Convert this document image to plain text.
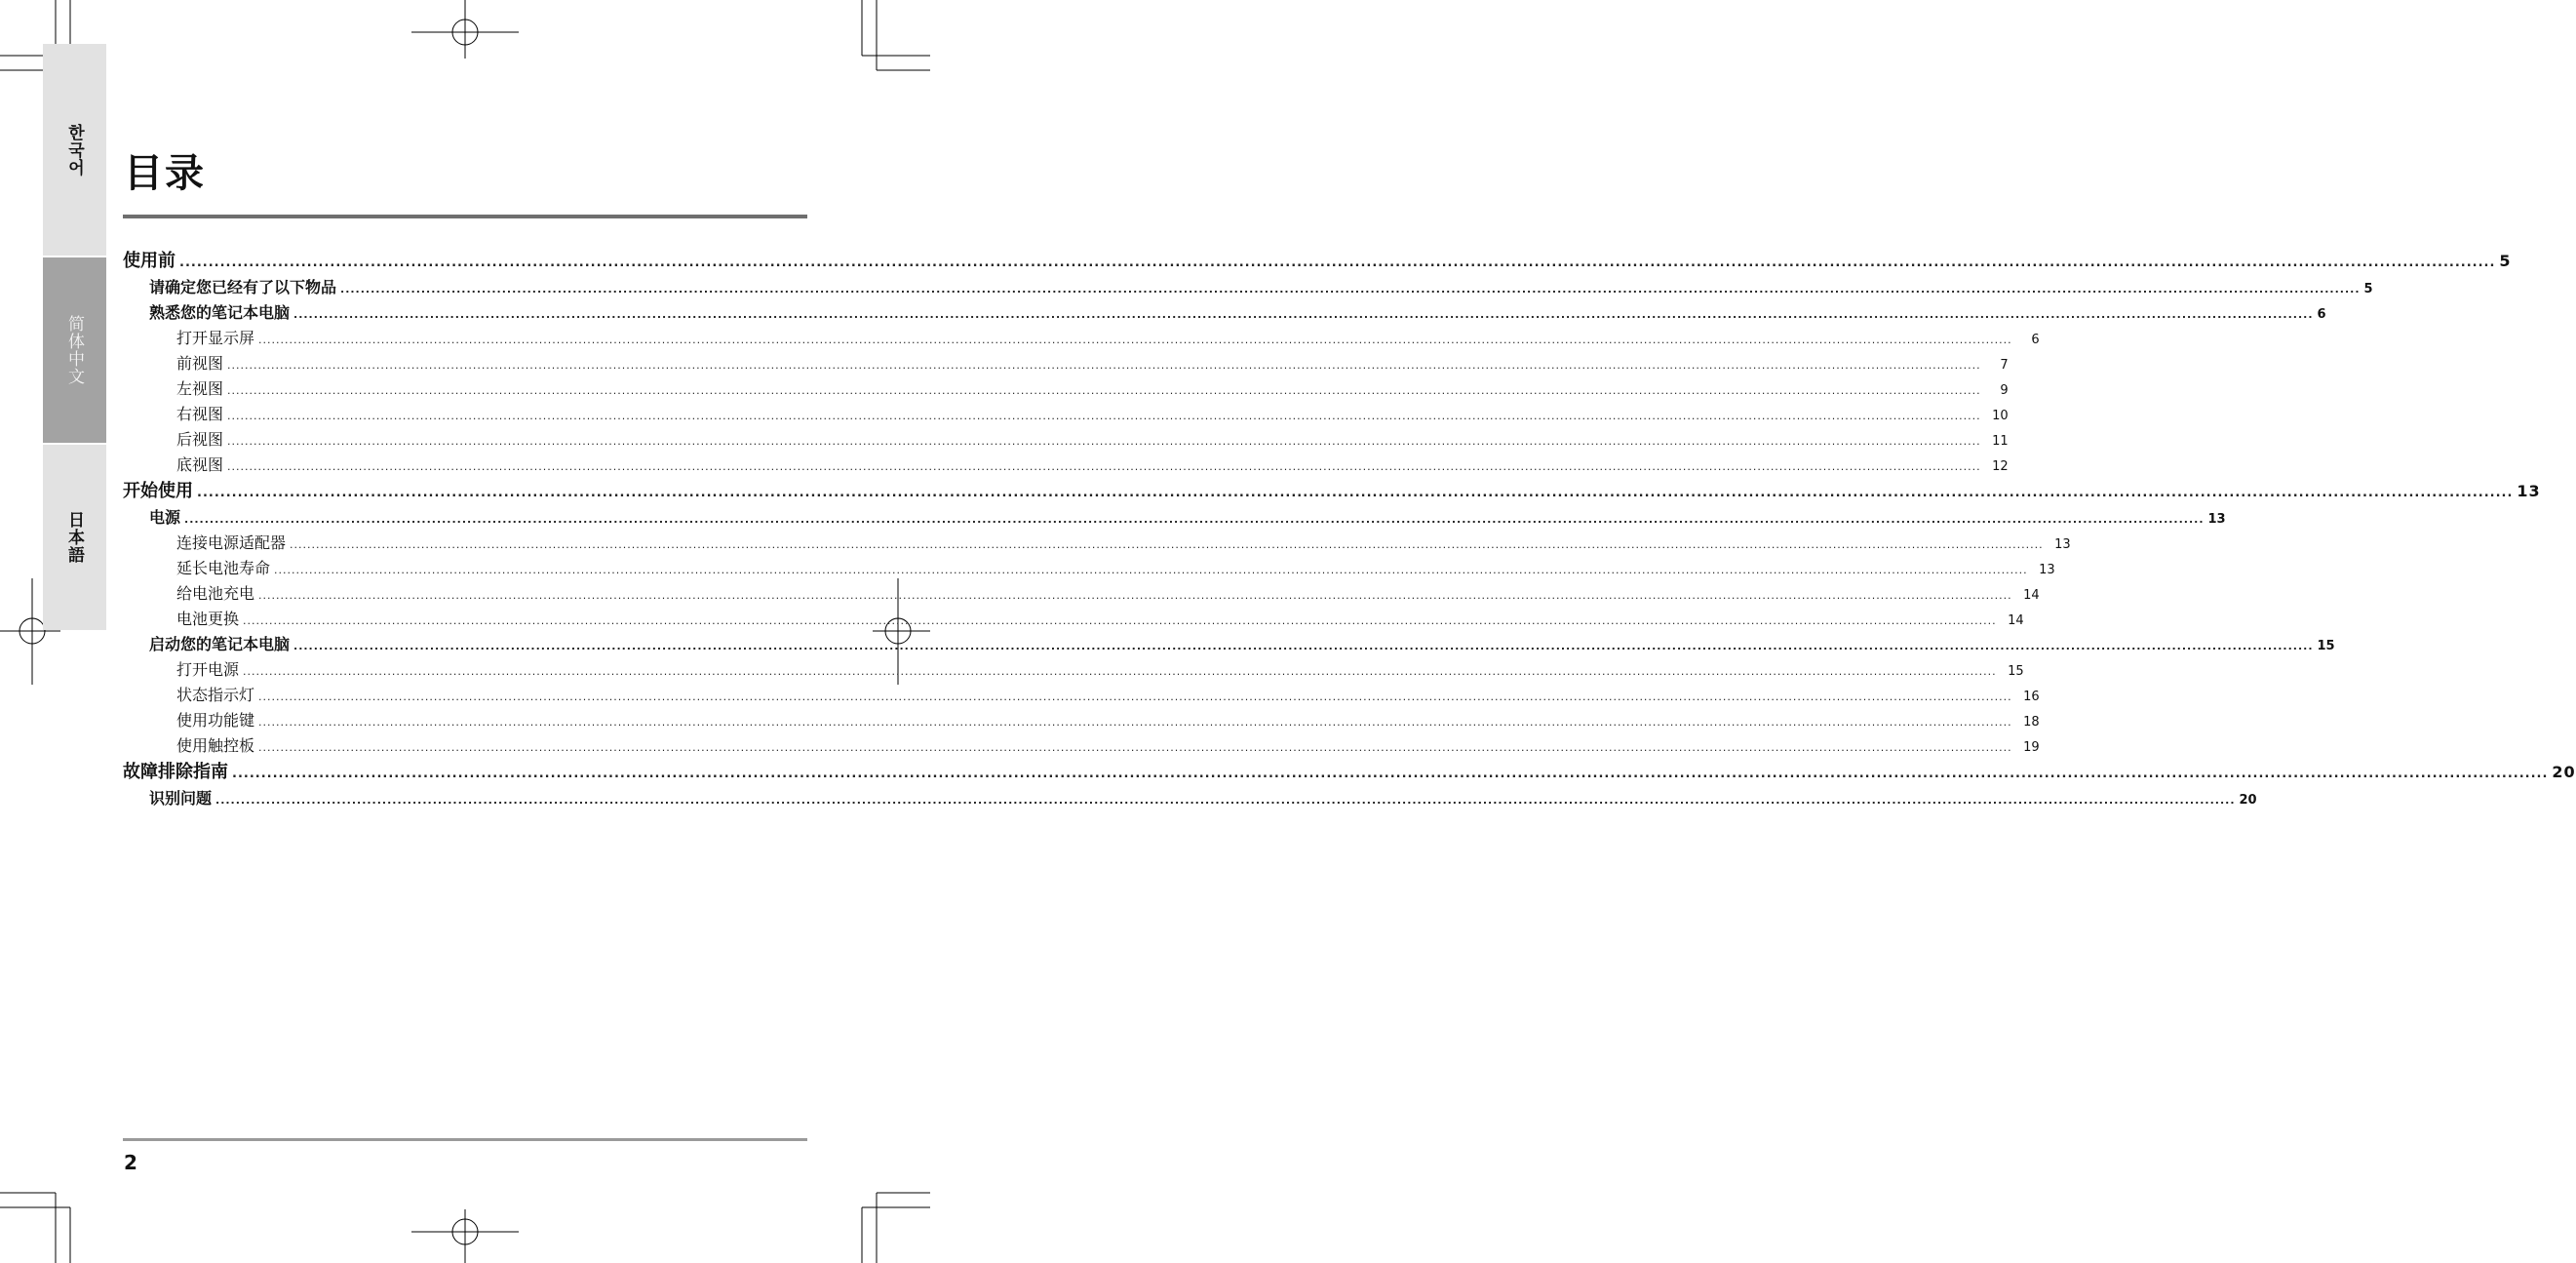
한국어
简体中文
日本語
目录
使用前 ................................................................................................................................................................................................................................................................................................................................................................................................................ 5
请确定您已经有了以下物品 ................................................................................................................................................................................................................................................................................................................................................................................................................ 5
熟悉您的笔记本电脑 ................................................................................................................................................................................................................................................................................................................................................................................................................ 6
打开显示屏 ................................................................................................................................................................................................................................................................................................................................................................................................................	6
前视图 ................................................................................................................................................................................................................................................................................................................................................................................................................	7
左视图 ................................................................................................................................................................................................................................................................................................................................................................................................................	9
右视图 ................................................................................................................................................................................................................................................................................................................................................................................................................ 10
后视图 ................................................................................................................................................................................................................................................................................................................................................................................................................ 11
底视图 ................................................................................................................................................................................................................................................................................................................................................................................................................ 12
开始使用 ................................................................................................................................................................................................................................................................................................................................................................................................................ 13
电源 ................................................................................................................................................................................................................................................................................................................................................................................................................ 13
连接电源适配器 ................................................................................................................................................................................................................................................................................................................................................................................................................ 13
延长电池寿命 ................................................................................................................................................................................................................................................................................................................................................................................................................ 13
给电池充电 ................................................................................................................................................................................................................................................................................................................................................................................................................ 14
电池更换 ................................................................................................................................................................................................................................................................................................................................................................................................................ 14
启动您的笔记本电脑 ................................................................................................................................................................................................................................................................................................................................................................................................................ 15
打开电源 ................................................................................................................................................................................................................................................................................................................................................................................................................ 15
状态指示灯 ................................................................................................................................................................................................................................................................................................................................................................................................................ 16
使用功能键 ................................................................................................................................................................................................................................................................................................................................................................................................................ 18
使用触控板 ................................................................................................................................................................................................................................................................................................................................................................................................................ 19
故障排除指南 ................................................................................................................................................................................................................................................................................................................................................................................................................ 20
识别问题 ................................................................................................................................................................................................................................................................................................................................................................................................................ 20
2
